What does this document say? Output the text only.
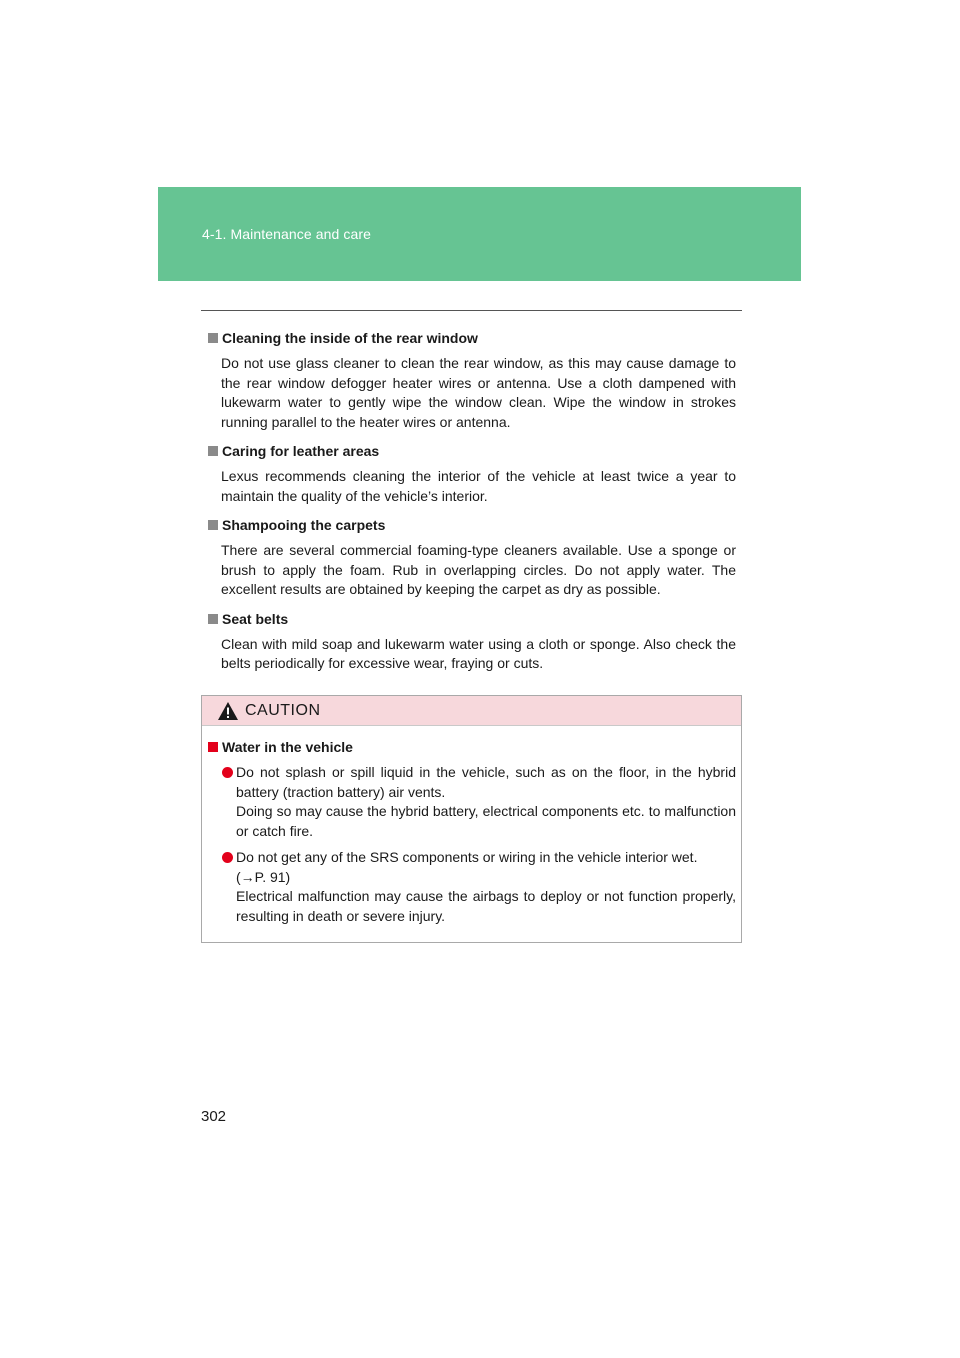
4-1. Maintenance and care
Cleaning the inside of the rear window
Do not use glass cleaner to clean the rear window, as this may cause damage to the rear window defogger heater wires or antenna. Use a cloth dampened with lukewarm water to gently wipe the window clean. Wipe the window in strokes running parallel to the heater wires or antenna.
Caring for leather areas
Lexus recommends cleaning the interior of the vehicle at least twice a year to maintain the quality of the vehicle’s interior.
Shampooing the carpets
There are several commercial foaming-type cleaners available. Use a sponge or brush to apply the foam. Rub in overlapping circles. Do not apply water. The excellent results are obtained by keeping the carpet as dry as possible.
Seat belts
Clean with mild soap and lukewarm water using a cloth or sponge. Also check the belts periodically for excessive wear, fraying or cuts.
CAUTION
Water in the vehicle
Do not splash or spill liquid in the vehicle, such as on the floor, in the hybrid battery (traction battery) air vents.
Doing so may cause the hybrid battery, electrical components etc. to malfunction or catch fire.
Do not get any of the SRS components or wiring in the vehicle interior wet.
(→P. 91)
Electrical malfunction may cause the airbags to deploy or not function properly, resulting in death or severe injury.
302
